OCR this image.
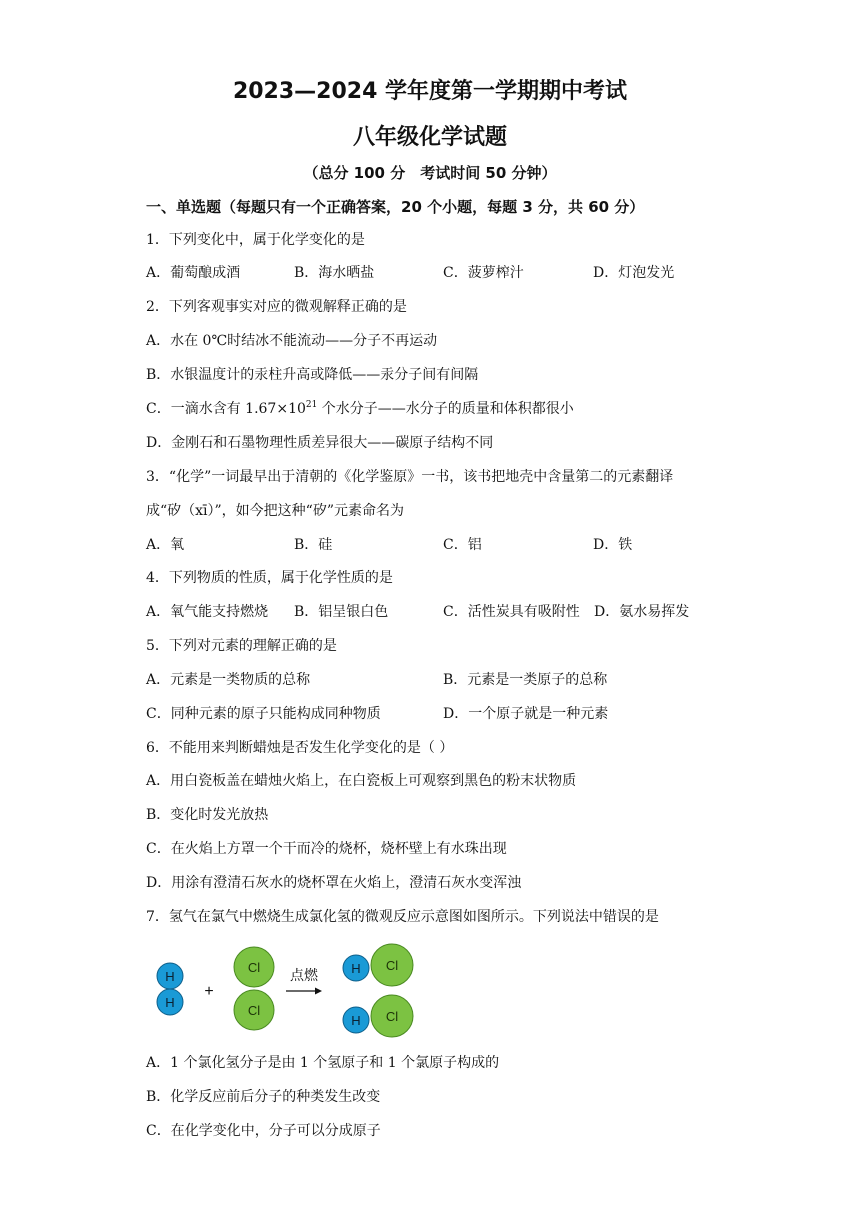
2023—2024 学年度第一学期期中考试
八年级化学试题
（总分 100 分　考试时间 50 分钟）
一、单选题（每题只有一个正确答案，20 个小题，每题 3 分，共 60 分）
1．下列变化中，属于化学变化的是
A．葡萄酿成酒	B．海水晒盐	C．菠萝榨汁	D．灯泡发光
2．下列客观事实对应的微观解释正确的是
A．水在 0℃时结冰不能流动——分子不再运动
B．水银温度计的汞柱升高或降低——汞分子间有间隔
C．一滴水含有 $1.67\times 10^{21}$ 个水分子——水分子的质量和体积都很小
D．金刚石和石墨物理性质差异很大——碳原子结构不同
3．“化学”一词最早出于清朝的《化学鉴原》一书，该书把地壳中含量第二的元素翻译
成“矽（xī）”，如今把这种“矽”元素命名为
A．氧	B．硅	C．铝	D．铁
4．下列物质的性质，属于化学性质的是
A．氧气能支持燃烧 B．铝呈银白色	C．活性炭具有吸附性 D．氨水易挥发
5．下列对元素的理解正确的是
A．元素是一类物质的总称	B．元素是一类原子的总称
C．同种元素的原子只能构成同种物质	D．一个原子就是一种元素
6．不能用来判断蜡烛是否发生化学变化的是（ ）
A．用白瓷板盖在蜡烛火焰上，在白瓷板上可观察到黑色的粉末状物质
B．变化时发光放热
C．在火焰上方罩一个干而冷的烧杯，烧杯壁上有水珠出现
D．用涂有澄清石灰水的烧杯罩在火焰上，澄清石灰水变浑浊
7．氢气在氯气中燃烧生成氯化氢的微观反应示意图如图所示。下列说法中错误的是
H
H
+
Cl
Cl
点燃	H Cl
H Cl
A．1 个氯化氢分子是由 1 个氢原子和 1 个氯原子构成的
B．化学反应前后分子的种类发生改变
C．在化学变化中，分子可以分成原子
